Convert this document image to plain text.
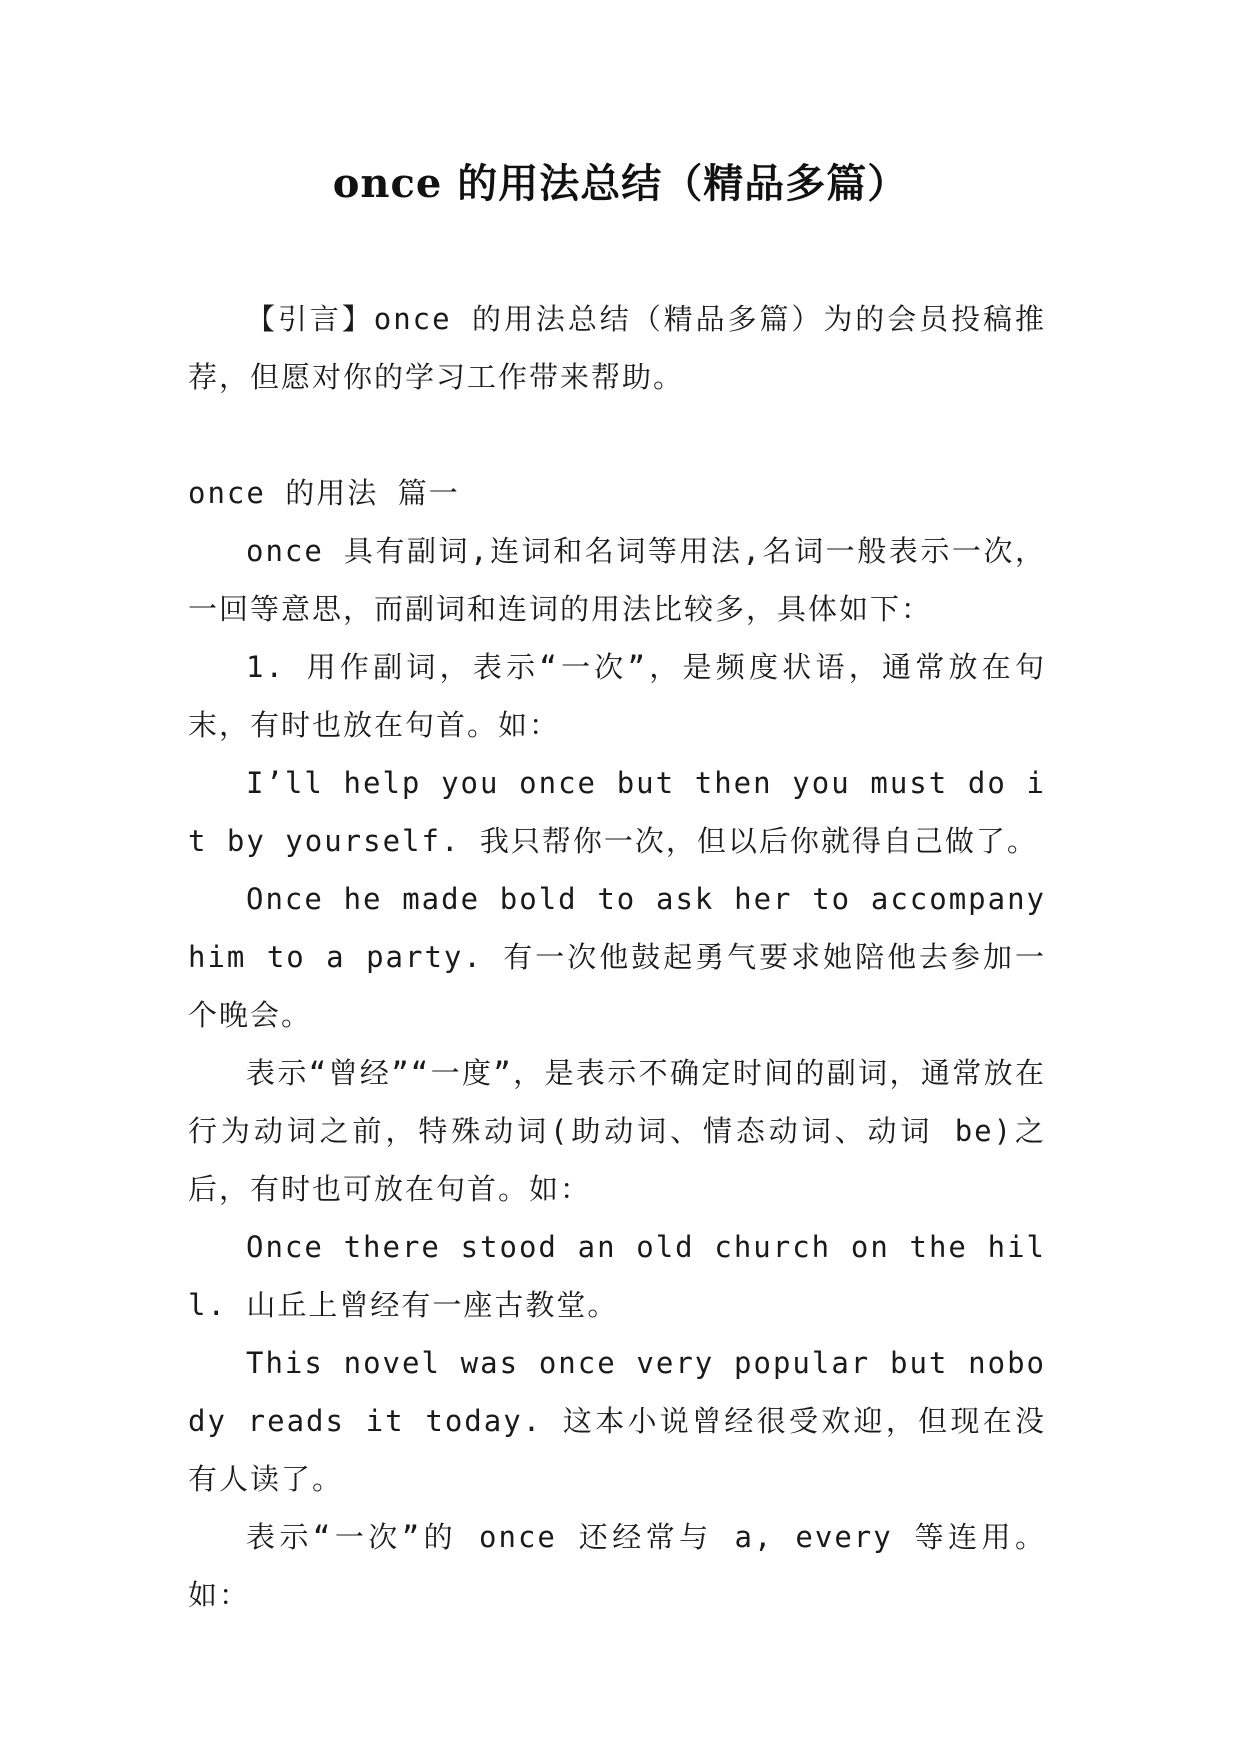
once 的用法总结（精品多篇）

【引言】once 的用法总结（精品多篇）为的会员投稿推荐，但愿对你的学习工作带来帮助。

once 的用法 篇一

once 具有副词,连词和名词等用法,名词一般表示一次，一回等意思，而副词和连词的用法比较多，具体如下：

1. 用作副词，表示“一次”，是频度状语，通常放在句末，有时也放在句首。如：

I’ll help you once but then you must do it by yourself. 我只帮你一次，但以后你就得自己做了。

Once he made bold to ask her to accompany him to a party. 有一次他鼓起勇气要求她陪他去参加一个晚会。

表示“曾经”“一度”，是表示不确定时间的副词，通常放在行为动词之前，特殊动词(助动词、情态动词、动词 be)之后，有时也可放在句首。如：

Once there stood an old church on the hill. 山丘上曾经有一座古教堂。

This novel was once very popular but nobody reads it today. 这本小说曾经很受欢迎，但现在没有人读了。

表示“一次”的 once 还经常与 a, every 等连用。如：
